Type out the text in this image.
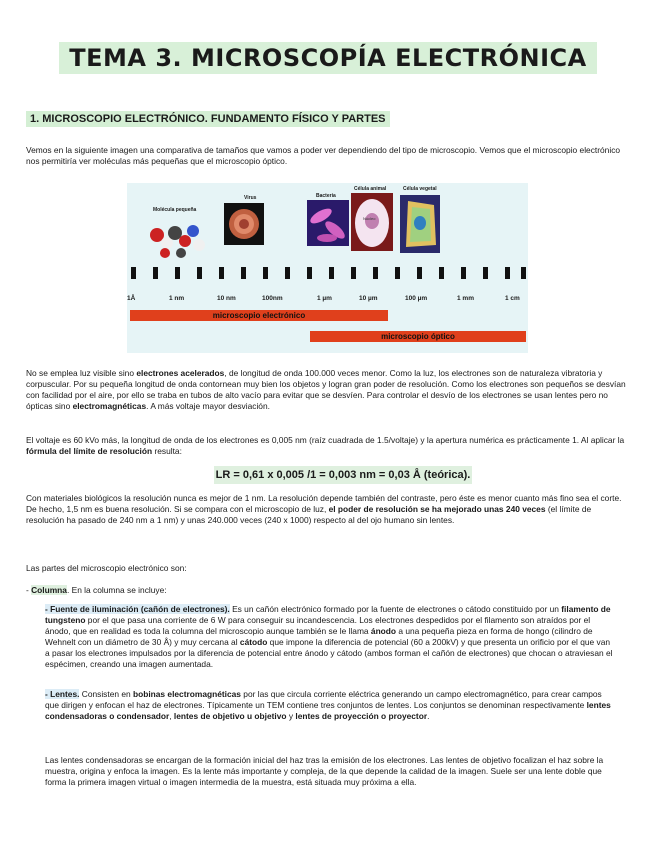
TEMA 3. MICROSCOPÍA ELECTRÓNICA
1. MICROSCOPIO ELECTRÓNICO. FUNDAMENTO FÍSICO Y PARTES

Vemos en la siguiente imagen una comparativa de tamaños que vamos a poder ver dependiendo del tipo de microscopio. Vemos que el microscopio electrónico nos permitiría ver moléculas más pequeñas que el microscopio óptico.

Molécula pequeña
Virus	Bacteria
Célula animal	Célula vegetal
Núcleo
1Å	1 nm	10 nm	100nm	1 µm	10 µm	100 µm	1 mm	1 cm
microscopio electrónico
microscopio óptico

No se emplea luz visible sino electrones acelerados, de longitud de onda 100.000 veces menor. Como la luz, los electrones son de naturaleza vibratoria y corpuscular. Por su pequeña longitud de onda contornean muy bien los objetos y logran gran poder de resolución. Como los electrones son pequeños se desvían con facilidad por el aire, por ello se traba en tubos de alto vacío para evitar que se desvíen. Para controlar el desvío de los electrones se usan lentes pero no ópticas sino electromagnéticas. A más voltaje mayor desviación.

El voltaje es 60 kVo más, la longitud de onda de los electrones es 0,005 nm (raíz cuadrada de 1.5/voltaje) y la apertura numérica es prácticamente 1. Al aplicar la fórmula del límite de resolución resulta:

LR = 0,61 x 0,005 /1 = 0,003 nm = 0,03 Å (teórica).

Con materiales biológicos la resolución nunca es mejor de 1 nm. La resolución depende también del contraste, pero éste es menor cuanto más fino sea el corte. De hecho, 1,5 nm es buena resolución. Si se compara con el microscopio de luz, el poder de resolución se ha mejorado unas 240 veces (el límite de resolución ha pasado de 240 nm a 1 nm) y unas 240.000 veces (240 x 1000) respecto al del ojo humano sin lentes.

Las partes del microscopio electrónico son:

- Columna. En la columna se incluye:

- Fuente de iluminación (cañón de electrones). Es un cañón electrónico formado por la fuente de electrones o cátodo constituido por un filamento de tungsteno por el que pasa una corriente de 6 W para conseguir su incandescencia. Los electrones despedidos por el filamento son atraídos por el ánodo, que en realidad es toda la columna del microscopio aunque también se le llama ánodo a una pequeña pieza en forma de hongo (cilindro de Wehnelt con un diámetro de 30 Å) y muy cercana al cátodo que impone la diferencia de potencial (60 a 200kV) y que presenta un orificio por el que van a pasar los electrones impulsados por la diferencia de potencial entre ánodo y cátodo (ambos forman el cañón de electrones) que chocan o atraviesan el espécimen, creando una imagen aumentada.

- Lentes. Consisten en bobinas electromagnéticas por las que circula corriente eléctrica generando un campo electromagnético, para crear campos que dirigen y enfocan el haz de electrones. Típicamente un TEM contiene tres conjuntos de lentes. Los conjuntos se denominan respectivamente lentes condensadoras o condensador, lentes de objetivo u objetivo y lentes de proyección o proyector.

Las lentes condensadoras se encargan de la formación inicial del haz tras la emisión de los electrones. Las lentes de objetivo focalizan el haz sobre la muestra, origina y enfoca la imagen. Es la lente más importante y compleja, de la que depende la calidad de la imagen. Suele ser una lente doble que forma la primera imagen virtual o imagen intermedia de la muestra, está situada muy próxima a ella.
